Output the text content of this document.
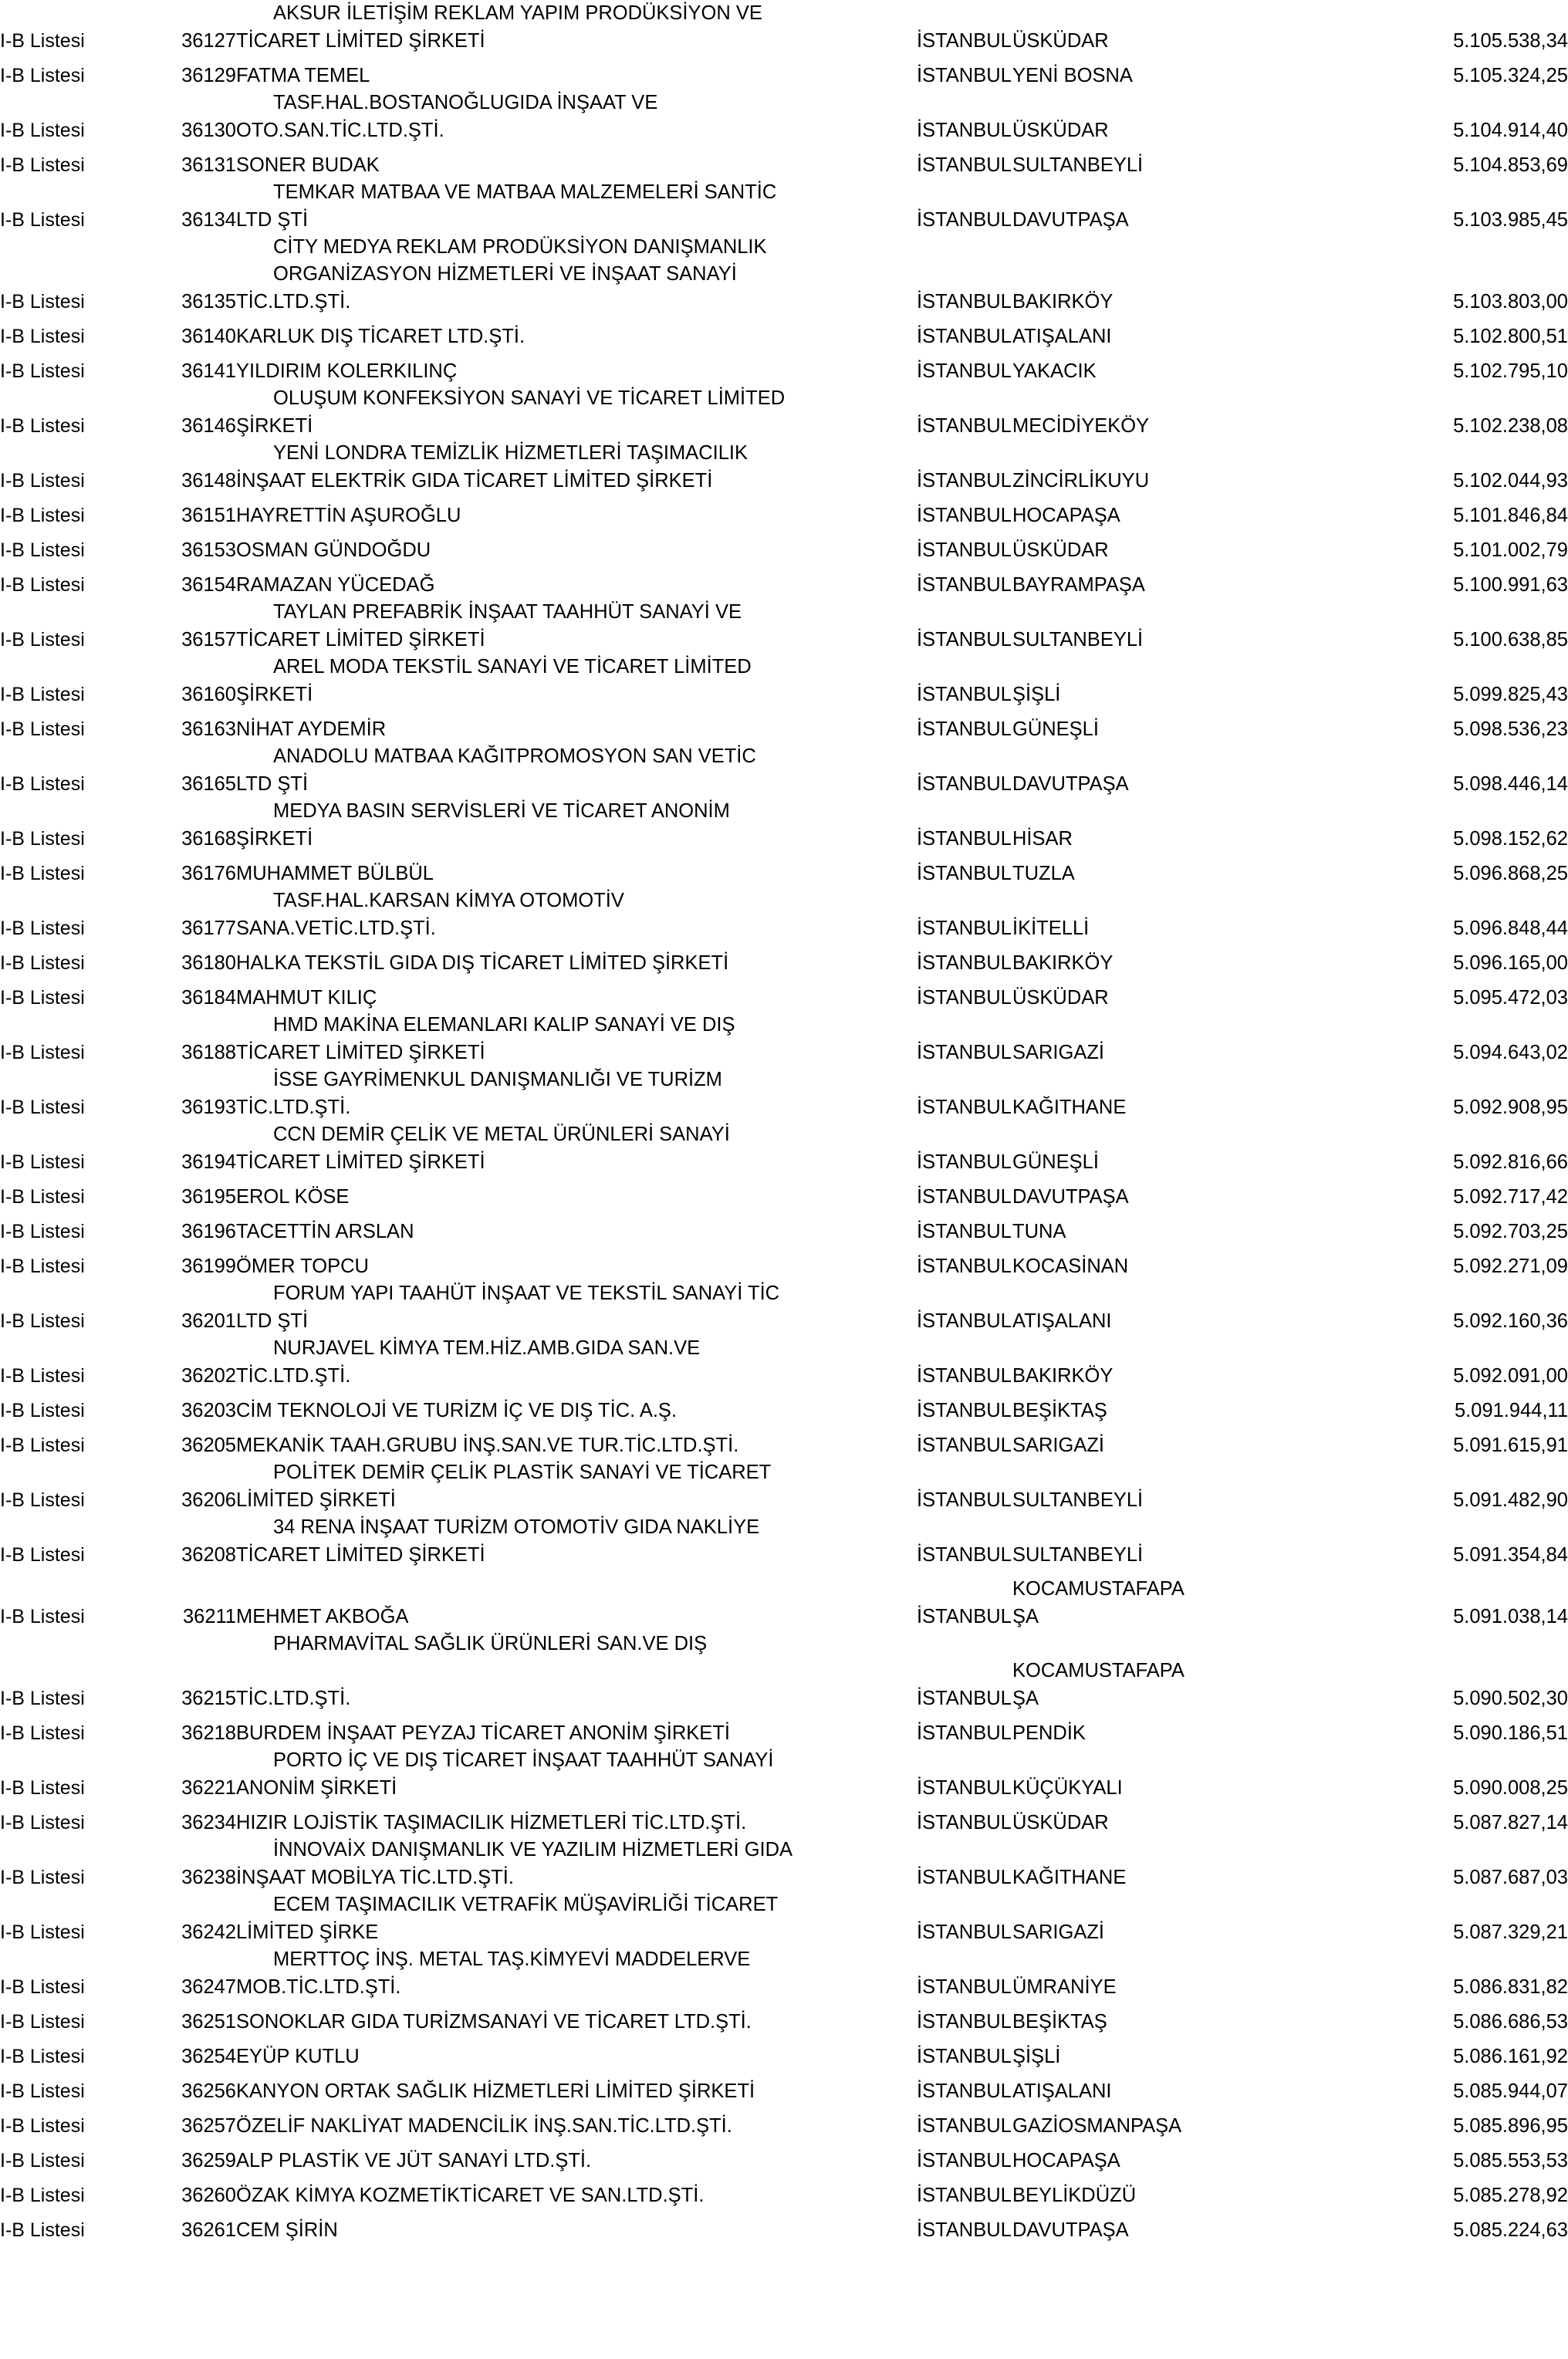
		AKSUR İLETİŞİM REKLAM YAPIM PRODÜKSİYON VE			
I-B Listesi	36127	TİCARET LİMİTED ŞİRKETİ	İSTANBUL	ÜSKÜDAR	5.105.538,34

I-B Listesi	36129	FATMA TEMEL	İSTANBUL	YENİ BOSNA	5.105.324,25
		TASF.HAL.BOSTANOĞLUGIDA İNŞAAT VE			
I-B Listesi	36130	OTO.SAN.TİC.LTD.ŞTİ.	İSTANBUL	ÜSKÜDAR	5.104.914,40

I-B Listesi	36131	SONER BUDAK	İSTANBUL	SULTANBEYLİ	5.104.853,69
		TEMKAR MATBAA VE MATBAA MALZEMELERİ SANTİC			
I-B Listesi	36134	LTD ŞTİ	İSTANBUL	DAVUTPAŞA	5.103.985,45
		CİTY MEDYA REKLAM PRODÜKSİYON DANIŞMANLIK			
		ORGANİZASYON HİZMETLERİ VE İNŞAAT SANAYİ			
I-B Listesi	36135	TİC.LTD.ŞTİ.	İSTANBUL	BAKIRKÖY	5.103.803,00

I-B Listesi	36140	KARLUK DIŞ TİCARET LTD.ŞTİ.	İSTANBUL	ATIŞALANI	5.102.800,51

I-B Listesi	36141	YILDIRIM KOLERKILINÇ	İSTANBUL	YAKACIK	5.102.795,10
		OLUŞUM KONFEKSİYON SANAYİ VE TİCARET LİMİTED			
I-B Listesi	36146	ŞİRKETİ	İSTANBUL	MECİDİYEKÖY	5.102.238,08
		YENİ LONDRA TEMİZLİK HİZMETLERİ TAŞIMACILIK			
I-B Listesi	36148	İNŞAAT ELEKTRİK GIDA TİCARET LİMİTED ŞİRKETİ	İSTANBUL	ZİNCİRLİKUYU	5.102.044,93

I-B Listesi	36151	HAYRETTİN AŞUROĞLU	İSTANBUL	HOCAPAŞA	5.101.846,84

I-B Listesi	36153	OSMAN GÜNDOĞDU	İSTANBUL	ÜSKÜDAR	5.101.002,79

I-B Listesi	36154	RAMAZAN YÜCEDAĞ	İSTANBUL	BAYRAMPAŞA	5.100.991,63
		TAYLAN PREFABRİK İNŞAAT TAAHHÜT SANAYİ VE			
I-B Listesi	36157	TİCARET LİMİTED ŞİRKETİ	İSTANBUL	SULTANBEYLİ	5.100.638,85
		AREL MODA TEKSTİL SANAYİ VE TİCARET LİMİTED			
I-B Listesi	36160	ŞİRKETİ	İSTANBUL	ŞİŞLİ	5.099.825,43

I-B Listesi	36163	NİHAT AYDEMİR	İSTANBUL	GÜNEŞLİ	5.098.536,23
		ANADOLU MATBAA KAĞITPROMOSYON SAN VETİC			
I-B Listesi	36165	LTD ŞTİ	İSTANBUL	DAVUTPAŞA	5.098.446,14
		MEDYA BASIN SERVİSLERİ VE TİCARET ANONİM			
I-B Listesi	36168	ŞİRKETİ	İSTANBUL	HİSAR	5.098.152,62

I-B Listesi	36176	MUHAMMET BÜLBÜL	İSTANBUL	TUZLA	5.096.868,25
		TASF.HAL.KARSAN KİMYA OTOMOTİV			
I-B Listesi	36177	SANA.VETİC.LTD.ŞTİ.	İSTANBUL	İKİTELLİ	5.096.848,44

I-B Listesi	36180	HALKA TEKSTİL GIDA DIŞ TİCARET LİMİTED ŞİRKETİ	İSTANBUL	BAKIRKÖY	5.096.165,00

I-B Listesi	36184	MAHMUT KILIÇ	İSTANBUL	ÜSKÜDAR	5.095.472,03
		HMD MAKİNA ELEMANLARI KALIP SANAYİ VE DIŞ			
I-B Listesi	36188	TİCARET LİMİTED ŞİRKETİ	İSTANBUL	SARIGAZİ	5.094.643,02
		İSSE GAYRİMENKUL DANIŞMANLIĞI VE TURİZM			
I-B Listesi	36193	TİC.LTD.ŞTİ.	İSTANBUL	KAĞITHANE	5.092.908,95
		CCN DEMİR ÇELİK VE METAL ÜRÜNLERİ SANAYİ			
I-B Listesi	36194	TİCARET LİMİTED ŞİRKETİ	İSTANBUL	GÜNEŞLİ	5.092.816,66

I-B Listesi	36195	EROL KÖSE	İSTANBUL	DAVUTPAŞA	5.092.717,42

I-B Listesi	36196	TACETTİN ARSLAN	İSTANBUL	TUNA	5.092.703,25

I-B Listesi	36199	ÖMER TOPCU	İSTANBUL	KOCASİNAN	5.092.271,09
		FORUM YAPI TAAHÜT İNŞAAT VE TEKSTİL SANAYİ TİC			
I-B Listesi	36201	LTD ŞTİ	İSTANBUL	ATIŞALANI	5.092.160,36
		NURJAVEL KİMYA TEM.HİZ.AMB.GIDA SAN.VE			
I-B Listesi	36202	TİC.LTD.ŞTİ.	İSTANBUL	BAKIRKÖY	5.092.091,00

I-B Listesi	36203	CİM TEKNOLOJİ VE TURİZM İÇ VE DIŞ TİC. A.Ş.	İSTANBUL	BEŞİKTAŞ	5.091.944,11

I-B Listesi	36205	MEKANİK TAAH.GRUBU İNŞ.SAN.VE TUR.TİC.LTD.ŞTİ.	İSTANBUL	SARIGAZİ	5.091.615,91
		POLİTEK DEMİR ÇELİK PLASTİK SANAYİ VE TİCARET			
I-B Listesi	36206	LİMİTED ŞİRKETİ	İSTANBUL	SULTANBEYLİ	5.091.482,90
		34 RENA İNŞAAT TURİZM OTOMOTİV GIDA NAKLİYE			
I-B Listesi	36208	TİCARET LİMİTED ŞİRKETİ	İSTANBUL	SULTANBEYLİ	5.091.354,84

				KOCAMUSTAFAPA	
I-B Listesi	36211	MEHMET AKBOĞA	İSTANBUL	ŞA	5.091.038,14
		PHARMAVİTAL SAĞLIK ÜRÜNLERİ SAN.VE DIŞ			
				KOCAMUSTAFAPA	
I-B Listesi	36215	TİC.LTD.ŞTİ.	İSTANBUL	ŞA	5.090.502,30

I-B Listesi	36218	BURDEM İNŞAAT PEYZAJ TİCARET ANONİM ŞİRKETİ	İSTANBUL	PENDİK	5.090.186,51
		PORTO İÇ VE DIŞ TİCARET İNŞAAT TAAHHÜT SANAYİ			
I-B Listesi	36221	ANONİM ŞİRKETİ	İSTANBUL	KÜÇÜKYALI	5.090.008,25

I-B Listesi	36234	HIZIR LOJİSTİK TAŞIMACILIK HİZMETLERİ TİC.LTD.ŞTİ.	İSTANBUL	ÜSKÜDAR	5.087.827,14
		İNNOVAİX DANIŞMANLIK VE YAZILIM HİZMETLERİ GIDA			
I-B Listesi	36238	İNŞAAT MOBİLYA TİC.LTD.ŞTİ.	İSTANBUL	KAĞITHANE	5.087.687,03
		ECEM TAŞIMACILIK VETRAFİK MÜŞAVİRLİĞİ TİCARET			
I-B Listesi	36242	LİMİTED ŞİRKE	İSTANBUL	SARIGAZİ	5.087.329,21
		MERTTOÇ İNŞ. METAL TAŞ.KİMYEVİ MADDELERVE			
I-B Listesi	36247	MOB.TİC.LTD.ŞTİ.	İSTANBUL	ÜMRANİYE	5.086.831,82

I-B Listesi	36251	SONOKLAR GIDA TURİZMSANAYİ VE TİCARET LTD.ŞTİ.	İSTANBUL	BEŞİKTAŞ	5.086.686,53

I-B Listesi	36254	EYÜP KUTLU	İSTANBUL	ŞİŞLİ	5.086.161,92

I-B Listesi	36256	KANYON ORTAK SAĞLIK HİZMETLERİ LİMİTED ŞİRKETİ	İSTANBUL	ATIŞALANI	5.085.944,07

I-B Listesi	36257	ÖZELİF NAKLİYAT MADENCİLİK İNŞ.SAN.TİC.LTD.ŞTİ.	İSTANBUL	GAZİOSMANPAŞA	5.085.896,95

I-B Listesi	36259	ALP PLASTİK VE JÜT SANAYİ LTD.ŞTİ.	İSTANBUL	HOCAPAŞA	5.085.553,53

I-B Listesi	36260	ÖZAK KİMYA KOZMETİKTİCARET VE SAN.LTD.ŞTİ.	İSTANBUL	BEYLİKDÜZÜ	5.085.278,92

I-B Listesi	36261	CEM ŞİRİN	İSTANBUL	DAVUTPAŞA	5.085.224,63
